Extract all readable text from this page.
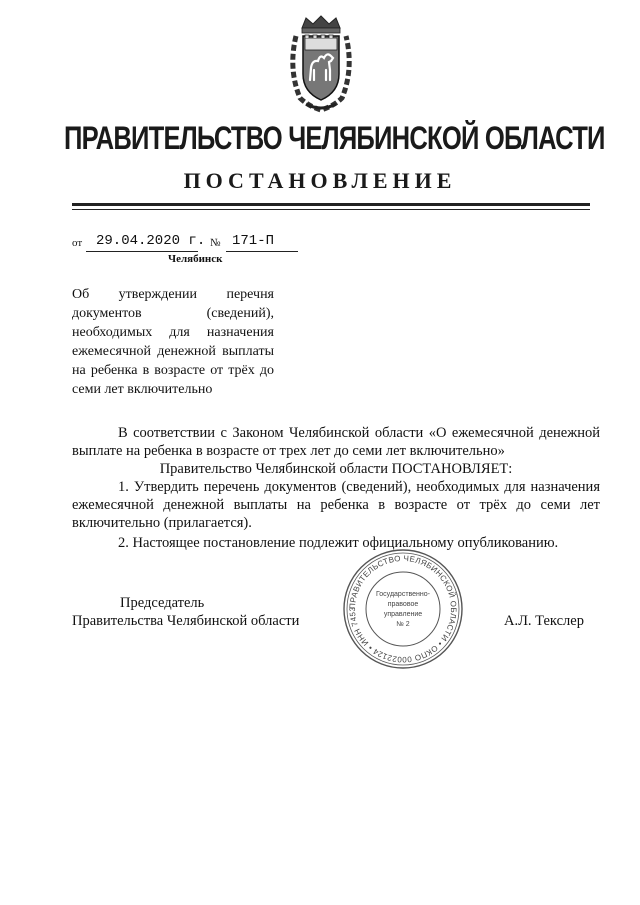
ПРАВИТЕЛЬСТВО ЧЕЛЯБИНСКОЙ ОБЛАСТИ
ПОСТАНОВЛЕНИЕ
от 29.04.2020 г. № 171-П
Челябинск
Об утверждении перечня документов (сведений), необходимых для назначения ежемесячной денежной выплаты на ребенка в возрасте от трёх до семи лет включительно

В соответствии с Законом Челябинской области «О ежемесячной денежной выплате на ребенка в возрасте от трех лет до семи лет включительно»

Правительство Челябинской области ПОСТАНОВЛЯЕТ:

1. Утвердить перечень документов (сведений), необходимых для назначения ежемесячной денежной выплаты на ребенка в возрасте от трёх до семи лет включительно (прилагается).

2. Настоящее постановление подлежит официальному опубликованию.

Председатель
Правительства Челябинской области	А.Л. Текслер
ПРАВИТЕЛЬСТВО ЧЕЛЯБИНСКОЙ ОБЛАСТИ • ОКПО 00022124 • ИНН 7453
Государственно-
правовое
управление
№ 2
